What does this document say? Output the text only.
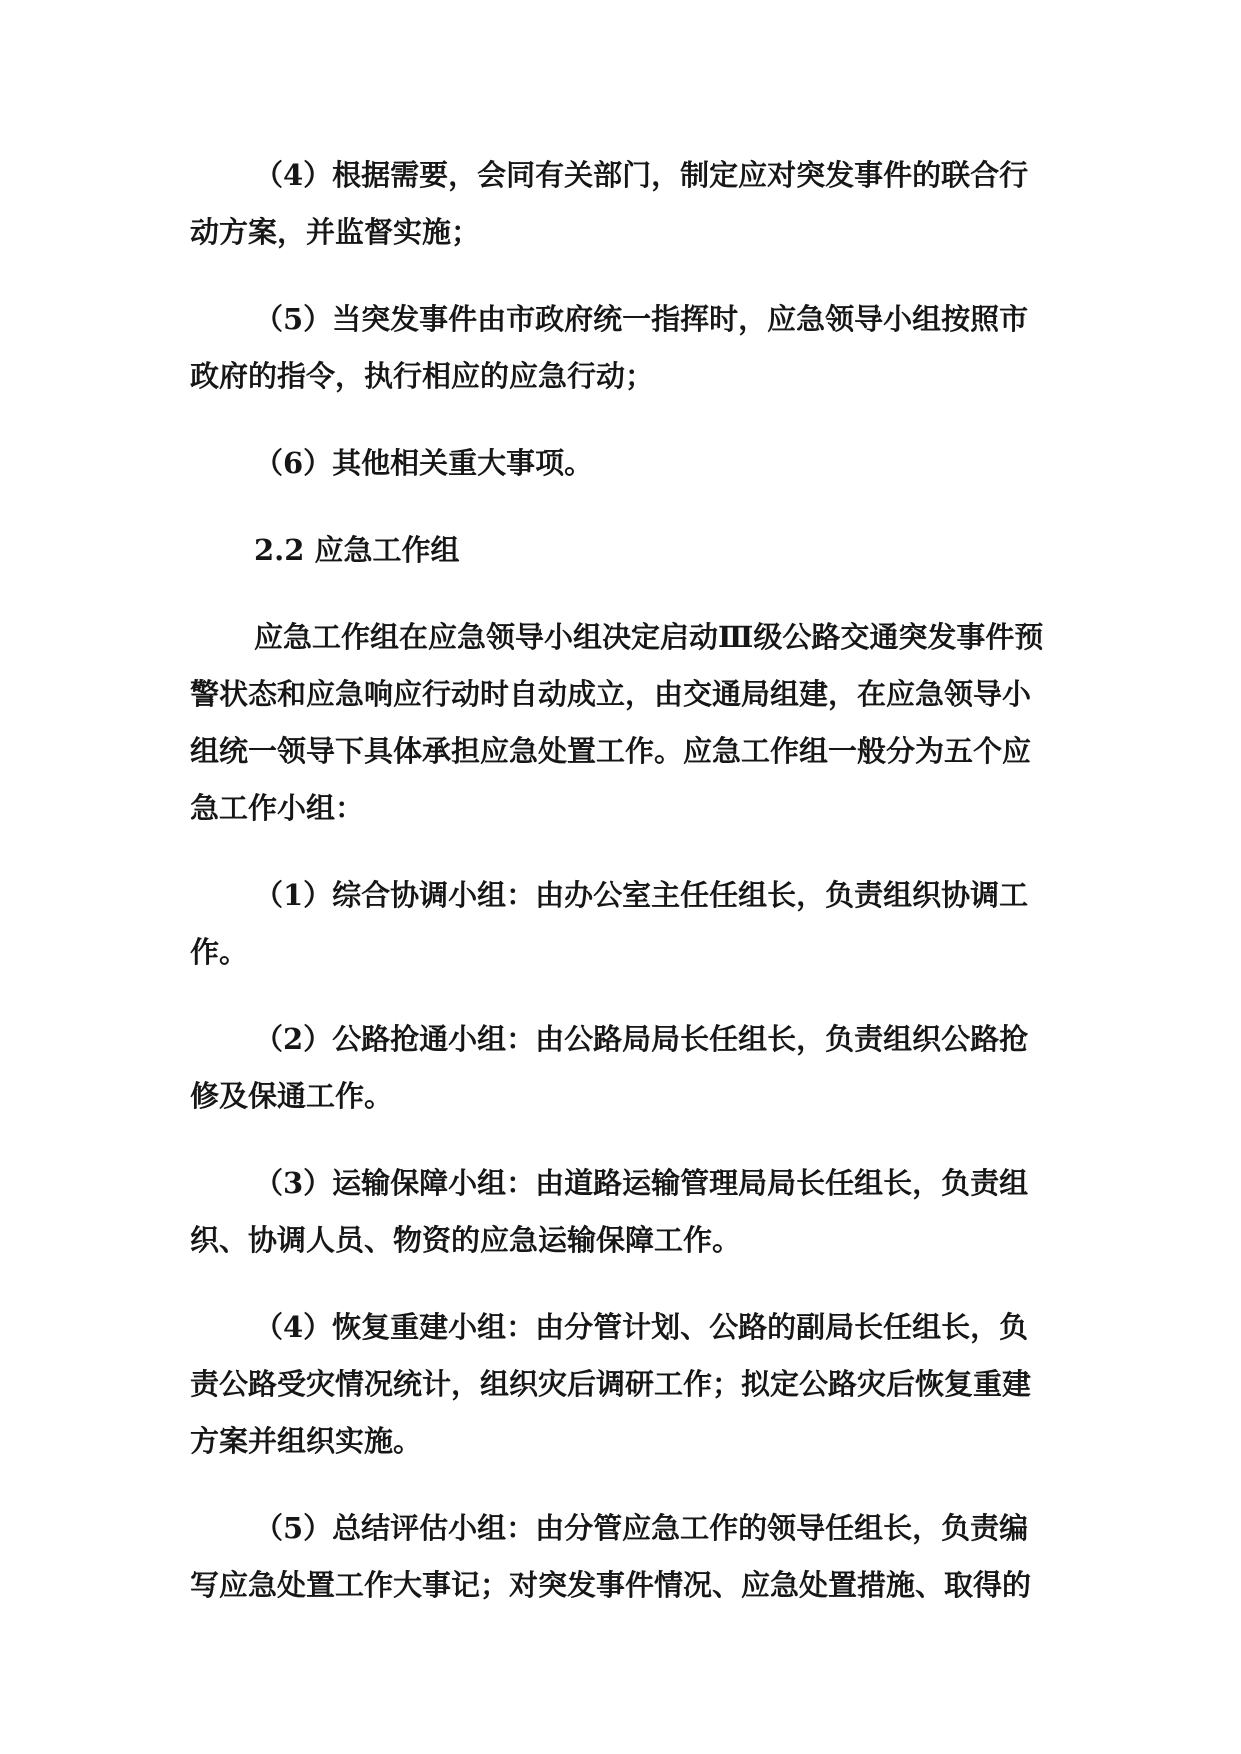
（4）根据需要，会同有关部门，制定应对突发事件的联合行
动方案，并监督实施；
（5）当突发事件由市政府统一指挥时，应急领导小组按照市
政府的指令，执行相应的应急行动；
（6）其他相关重大事项。
2.2 应急工作组
应急工作组在应急领导小组决定启动Ⅲ级公路交通突发事件预
警状态和应急响应行动时自动成立，由交通局组建，在应急领导小
组统一领导下具体承担应急处置工作。应急工作组一般分为五个应
急工作小组：
（1）综合协调小组：由办公室主任任组长，负责组织协调工
作。
（2）公路抢通小组：由公路局局长任组长，负责组织公路抢
修及保通工作。
（3）运输保障小组：由道路运输管理局局长任组长，负责组
织、协调人员、物资的应急运输保障工作。
（4）恢复重建小组：由分管计划、公路的副局长任组长，负
责公路受灾情况统计，组织灾后调研工作；拟定公路灾后恢复重建
方案并组织实施。
（5）总结评估小组：由分管应急工作的领导任组长，负责编
写应急处置工作大事记；对突发事件情况、应急处置措施、取得的
